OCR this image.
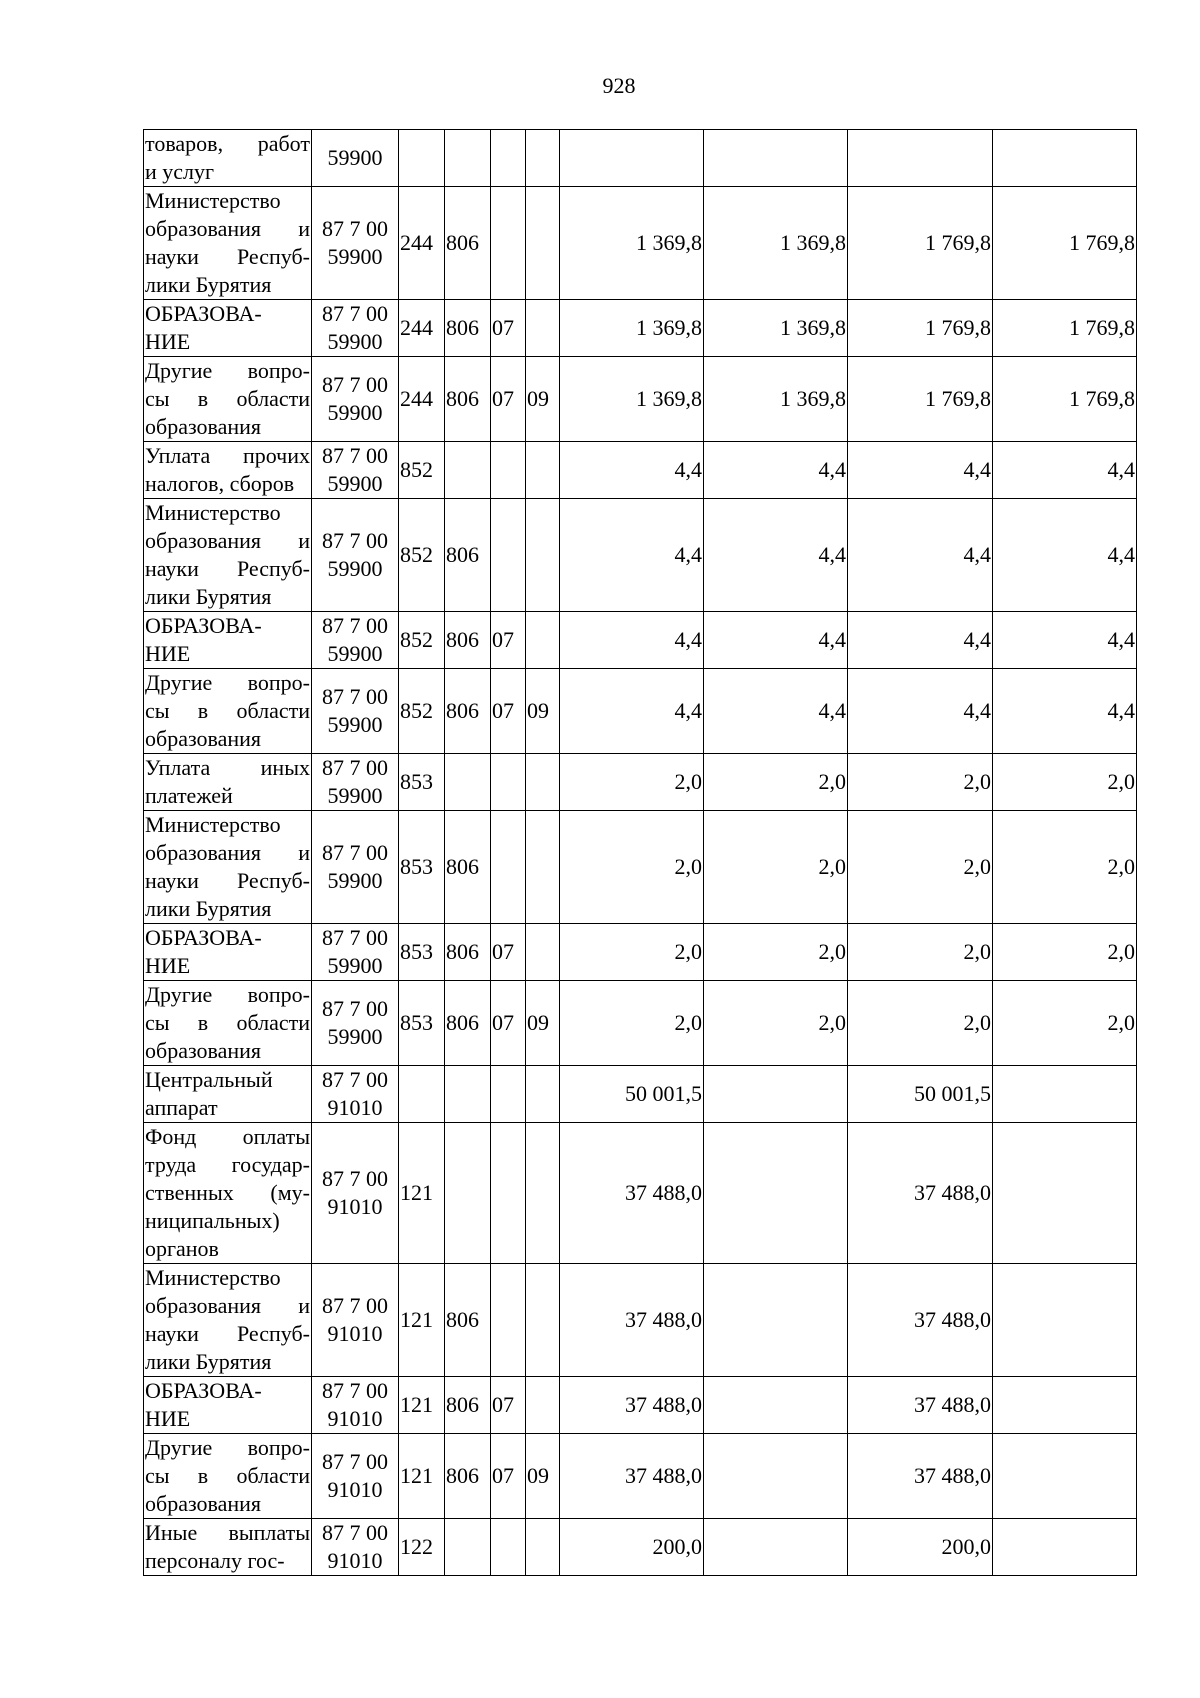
928
товаров, работ
и услуг	59900								

Министерство
образования и
науки Респуб-
лики Бурятия	87 7 00
59900	244	806			1 369,8	1 369,8	1 769,8	1 769,8

ОБРАЗОВА-
НИЕ	87 7 00
59900	244	806	07		1 369,8	1 369,8	1 769,8	1 769,8

Другие вопро-
сы в области
образования	87 7 00
59900	244	806	07	09	1 369,8	1 369,8	1 769,8	1 769,8

Уплата прочих
налогов, сборов	87 7 00
59900	852				4,4	4,4	4,4	4,4

Министерство
образования и
науки Респуб-
лики Бурятия	87 7 00
59900	852	806			4,4	4,4	4,4	4,4

ОБРАЗОВА-
НИЕ	87 7 00
59900	852	806	07		4,4	4,4	4,4	4,4

Другие вопро-
сы в области
образования	87 7 00
59900	852	806	07	09	4,4	4,4	4,4	4,4

Уплата иных
платежей	87 7 00
59900	853				2,0	2,0	2,0	2,0

Министерство
образования и
науки Респуб-
лики Бурятия	87 7 00
59900	853	806			2,0	2,0	2,0	2,0

ОБРАЗОВА-
НИЕ	87 7 00
59900	853	806	07		2,0	2,0	2,0	2,0

Другие вопро-
сы в области
образования	87 7 00
59900	853	806	07	09	2,0	2,0	2,0	2,0

Центральный
аппарат	87 7 00
91010					50 001,5		50 001,5	

Фонд оплаты
труда государ-
ственных (му-
ниципальных)
органов	87 7 00
91010	121				37 488,0		37 488,0	

Министерство
образования и
науки Респуб-
лики Бурятия	87 7 00
91010	121	806			37 488,0		37 488,0	

ОБРАЗОВА-
НИЕ	87 7 00
91010	121	806	07		37 488,0		37 488,0	

Другие вопро-
сы в области
образования	87 7 00
91010	121	806	07	09	37 488,0		37 488,0	

Иные выплаты
персоналу гос-	87 7 00
91010	122				200,0		200,0	
